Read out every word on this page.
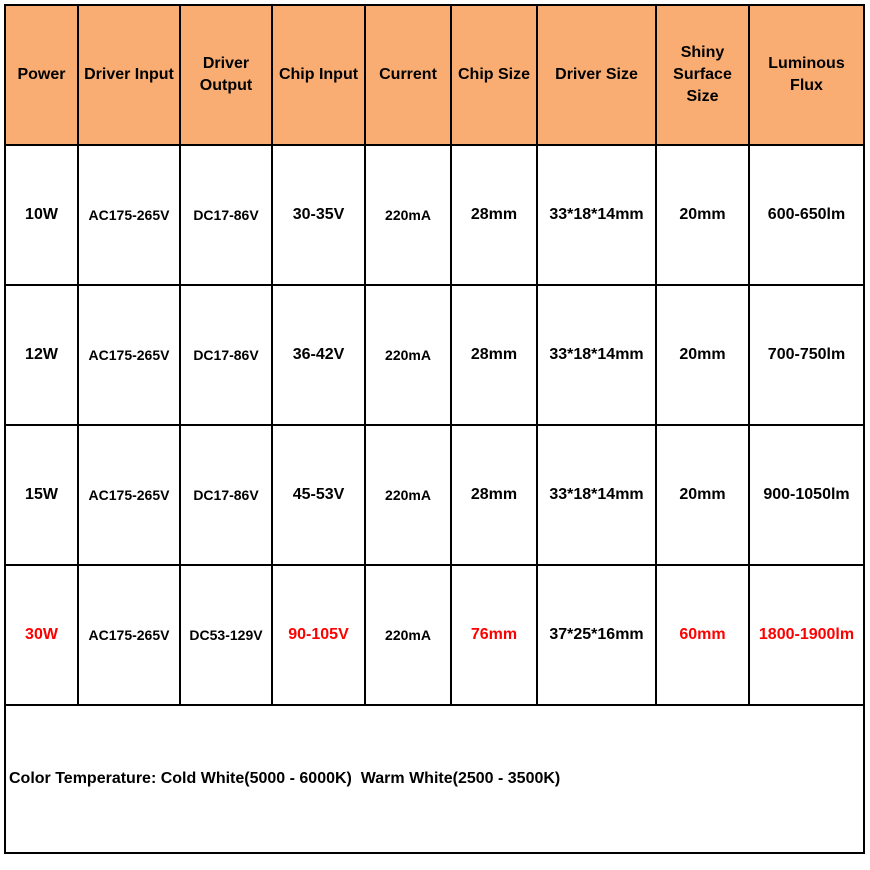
Power	Driver Input	Driver Output	Chip Input	Current	Chip Size	Driver Size	Shiny Surface Size	Luminous Flux

10W	AC175-265V	DC17-86V	30-35V	220mA	28mm	33*18*14mm	20mm	600-650lm
12W	AC175-265V	DC17-86V	36-42V	220mA	28mm	33*18*14mm	20mm	700-750lm
15W	AC175-265V	DC17-86V	45-53V	220mA	28mm	33*18*14mm	20mm	900-1050lm
30W	AC175-265V	DC53-129V	90-105V	220mA	76mm	37*25*16mm	60mm	1800-1900lm
Color Temperature: Cold White(5000 - 6000K)  Warm White(2500 - 3500K)								
